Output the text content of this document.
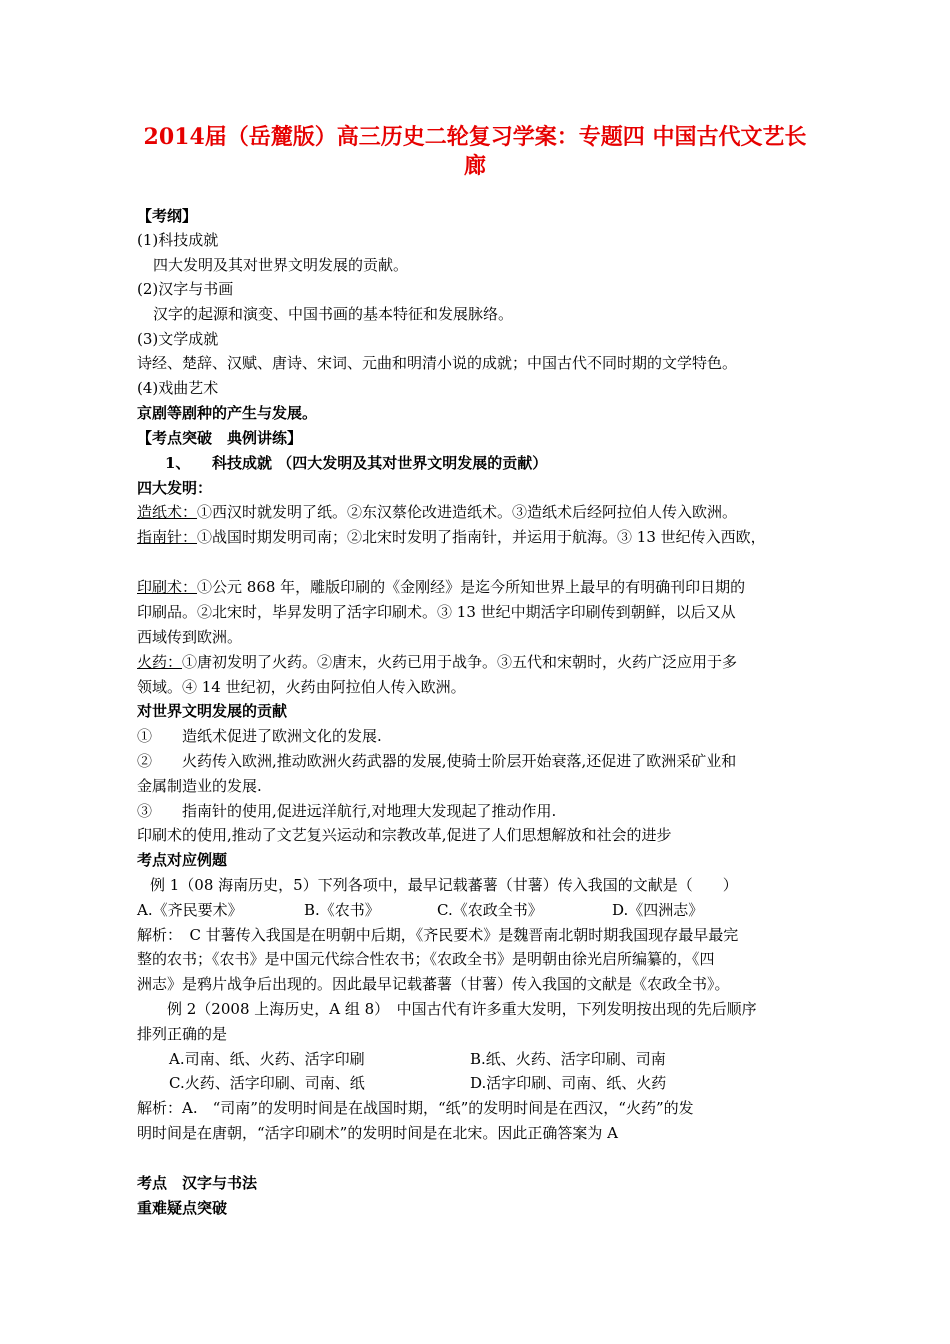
2014届（岳麓版）高三历史二轮复习学案：专题四 中国古代文艺长
廊
【考纲】
(1)科技成就
四大发明及其对世界文明发展的贡献。
(2)汉字与书画
汉字的起源和演变、中国书画的基本特征和发展脉络。
(3)文学成就
诗经、楚辞、汉赋、唐诗、宋词、元曲和明清小说的成就；中国古代不同时期的文学特色。
(4)戏曲艺术
京剧等剧种的产生与发展。
【考点突破　典例讲练】
1、 科技成就 （四大发明及其对世界文明发展的贡献）
四大发明：
造纸术：①西汉时就发明了纸。②东汉蔡伦改进造纸术。③造纸术后经阿拉伯人传入欧洲。
指南针：①战国时期发明司南；②北宋时发明了指南针，并运用于航海。③ 13 世纪传入西欧，
印刷术：①公元 868 年，雕版印刷的《金刚经》是迄今所知世界上最早的有明确刊印日期的
印刷品。②北宋时，毕昇发明了活字印刷术。③ 13 世纪中期活字印刷传到朝鲜，以后又从
西域传到欧洲。
火药：①唐初发明了火药。②唐末，火药已用于战争。③五代和宋朝时，火药广泛应用于多
领域。④ 14 世纪初，火药由阿拉伯人传入欧洲。
对世界文明发展的贡献
①　　造纸术促进了欧洲文化的发展.
②　　火药传入欧洲,推动欧洲火药武器的发展,使骑士阶层开始衰落,还促进了欧洲采矿业和
金属制造业的发展.
③　　指南针的使用,促进远洋航行,对地理大发现起了推动作用.
印刷术的使用,推动了文艺复兴运动和宗教改革,促进了人们思想解放和社会的进步
考点对应例题
例 1（08 海南历史，5）下列各项中，最早记载蕃薯（甘薯）传入我国的文献是（　　）
A.《齐民要术》	B.《农书》	C.《农政全书》	D.《四洲志》
解析：　C 甘薯传入我国是在明朝中后期，《齐民要术》是魏晋南北朝时期我国现存最早最完
整的农书；《农书》是中国元代综合性农书；《农政全书》是明朝由徐光启所编纂的，《四
洲志》是鸦片战争后出现的。因此最早记载蕃薯（甘薯）传入我国的文献是《农政全书》。
例 2（2008 上海历史，A 组 8）　中国古代有许多重大发明，下列发明按出现的先后顺序
排列正确的是
A.司南、纸、火药、活字印刷	B.纸、火药、活字印刷、司南
C.火药、活字印刷、司南、纸	D.活字印刷、司南、纸、火药
解析：A.　“司南”的发明时间是在战国时期，“纸”的发明时间是在西汉，“火药”的发
明时间是在唐朝，“活字印刷术”的发明时间是在北宋。因此正确答案为 A
考点　汉字与书法
重难疑点突破
